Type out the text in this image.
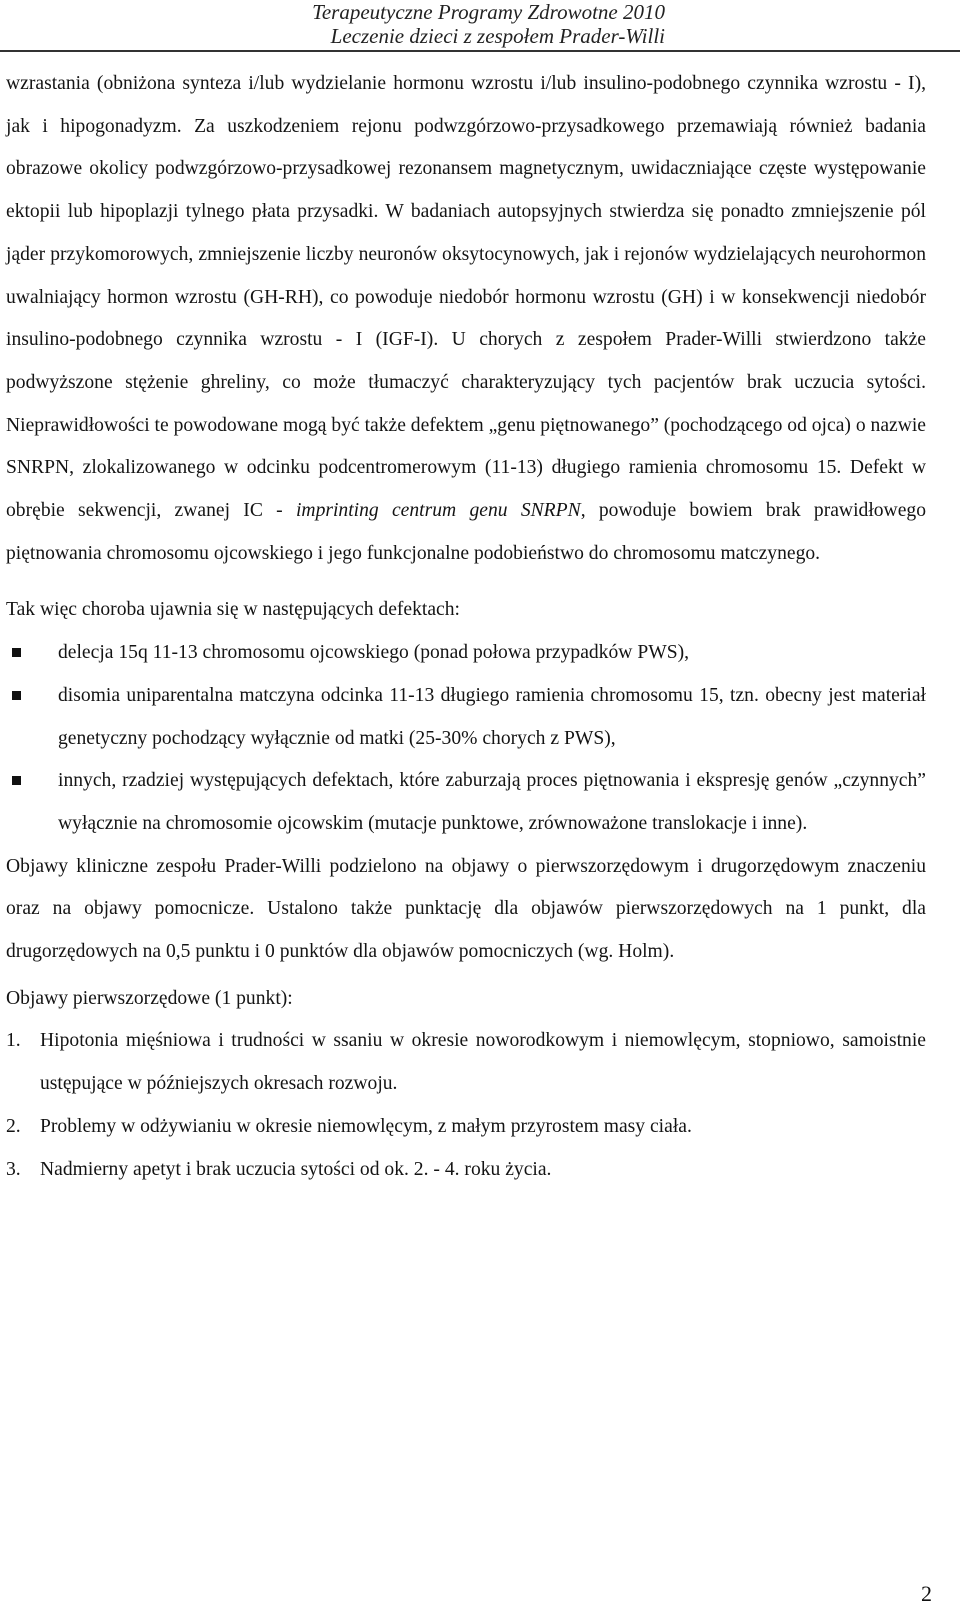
Terapeutyczne Programy Zdrowotne 2010
Leczenie dzieci z zespołem Prader-Willi

wzrastania (obniżona synteza i/lub wydzielanie hormonu wzrostu i/lub insulino-podobnego czynnika wzrostu - I), jak i hipogonadyzm. Za uszkodzeniem rejonu podwzgórzowo-przysadkowego przemawiają również badania obrazowe okolicy podwzgórzowo-przysadkowej rezonansem magnetycznym, uwidaczniające częste występowanie ektopii lub hipoplazji tylnego płata przysadki. W badaniach autopsyjnych stwierdza się ponadto zmniejszenie pól jąder przykomorowych, zmniejszenie liczby neuronów oksytocynowych, jak i rejonów wydzielających neurohormon uwalniający hormon wzrostu (GH-RH), co powoduje niedobór hormonu wzrostu (GH) i w konsekwencji niedobór insulino-podobnego czynnika wzrostu - I (IGF-I). U chorych z zespołem Prader-Willi stwierdzono także podwyższone stężenie ghreliny, co może tłumaczyć charakteryzujący tych pacjentów brak uczucia sytości. Nieprawidłowości te powodowane mogą być także defektem „genu piętnowanego” (pochodzącego od ojca) o nazwie SNRPN, zlokalizowanego w odcinku podcentromerowym (11-13) długiego ramienia chromosomu 15. Defekt w obrębie sekwencji, zwanej IC - imprinting centrum genu SNRPN, powoduje bowiem brak prawidłowego piętnowania chromosomu ojcowskiego i jego funkcjonalne podobieństwo do chromosomu matczynego.

Tak więc choroba ujawnia się w następujących defektach:

delecja 15q 11-13 chromosomu ojcowskiego (ponad połowa przypadków PWS),
disomia uniparentalna matczyna odcinka 11-13 długiego ramienia chromosomu 15, tzn. obecny jest materiał genetyczny pochodzący wyłącznie od matki (25-30% chorych z PWS),
innych, rzadziej występujących defektach, które zaburzają proces piętnowania i ekspresję genów „czynnych” wyłącznie na chromosomie ojcowskim (mutacje punktowe, zrównoważone translokacje i inne).

Objawy kliniczne zespołu Prader-Willi podzielono na objawy o pierwszorzędowym i drugorzędowym znaczeniu oraz na objawy pomocnicze. Ustalono także punktację dla objawów pierwszorzędowych na 1 punkt, dla drugorzędowych na 0,5 punktu i 0 punktów dla objawów pomocniczych (wg. Holm).

Objawy pierwszorzędowe (1 punkt):

1. Hipotonia mięśniowa i trudności w ssaniu w okresie noworodkowym i niemowlęcym, stopniowo, samoistnie ustępujące w późniejszych okresach rozwoju.
2. Problemy w odżywianiu w okresie niemowlęcym, z małym przyrostem masy ciała.
3. Nadmierny apetyt i brak uczucia sytości od ok. 2. - 4. roku życia.
2
